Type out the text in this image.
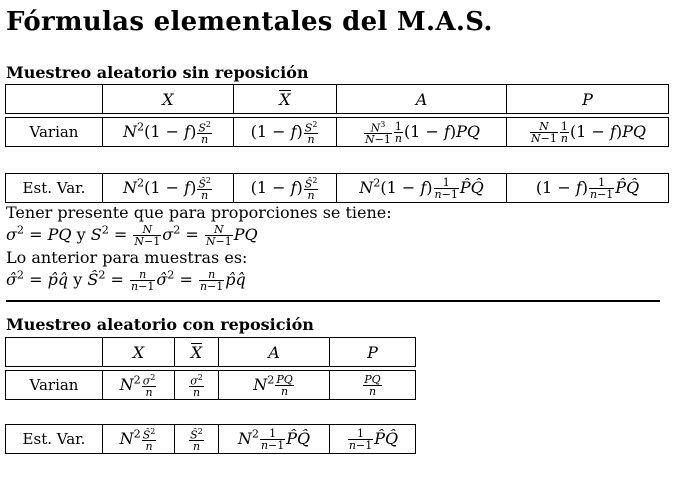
Fórmulas elementales del M.A.S.
Muestreo aleatorio sin reposición
	ˆ X	ˆX	ˆA	ˆP
Varian	$N^2(1 - f) \frac{S^2}{n}$	$(1 - f) \frac{S^2}{n}$	$\frac{N^3}{N-1} \frac{1}{n} (1 - f)PQ$	$\frac{N}{N-1} \frac{1}{n} (1 - f)PQ$
Est. Var.	$N^2(1 - f) \frac{Ŝ^2}{n}$	$(1 - f) \frac{Ŝ^2}{n}$	$N^2(1 - f) \frac{1}{n-1}$ P̂Q̂	$(1 - f) \frac{1}{n-1}$ P̂Q̂
Tener presente que para proporciones se tiene:
$\sigma^2$ = PQ y $S^2 = \frac{N}{N-1} \sigma^2 = \frac{N}{N-1}$ PQ
Lo anterior para muestras es:
σ̂$^2$ = p̂q̂ y $Ŝ^2 = \frac{n}{n-1}$ σ̂$^2$ = $\frac{n}{n-1}$ p̂q̂
Muestreo aleatorio con reposición
	ˆ X	ˆX	ˆA	ˆP
Varian	$N^2 \frac{\sigma^2}{n}$	$\frac{\sigma^2}{n}$	$N^2 \frac{PQ}{n}$	$\frac{PQ}{n}$
Est. Var.	$N^2 \frac{Ŝ^2}{n}$	$\frac{Ŝ^2}{n}$	$N^2 \frac{1}{n-1}$ P̂Q̂	$\frac{1}{n-1}$ P̂Q̂
